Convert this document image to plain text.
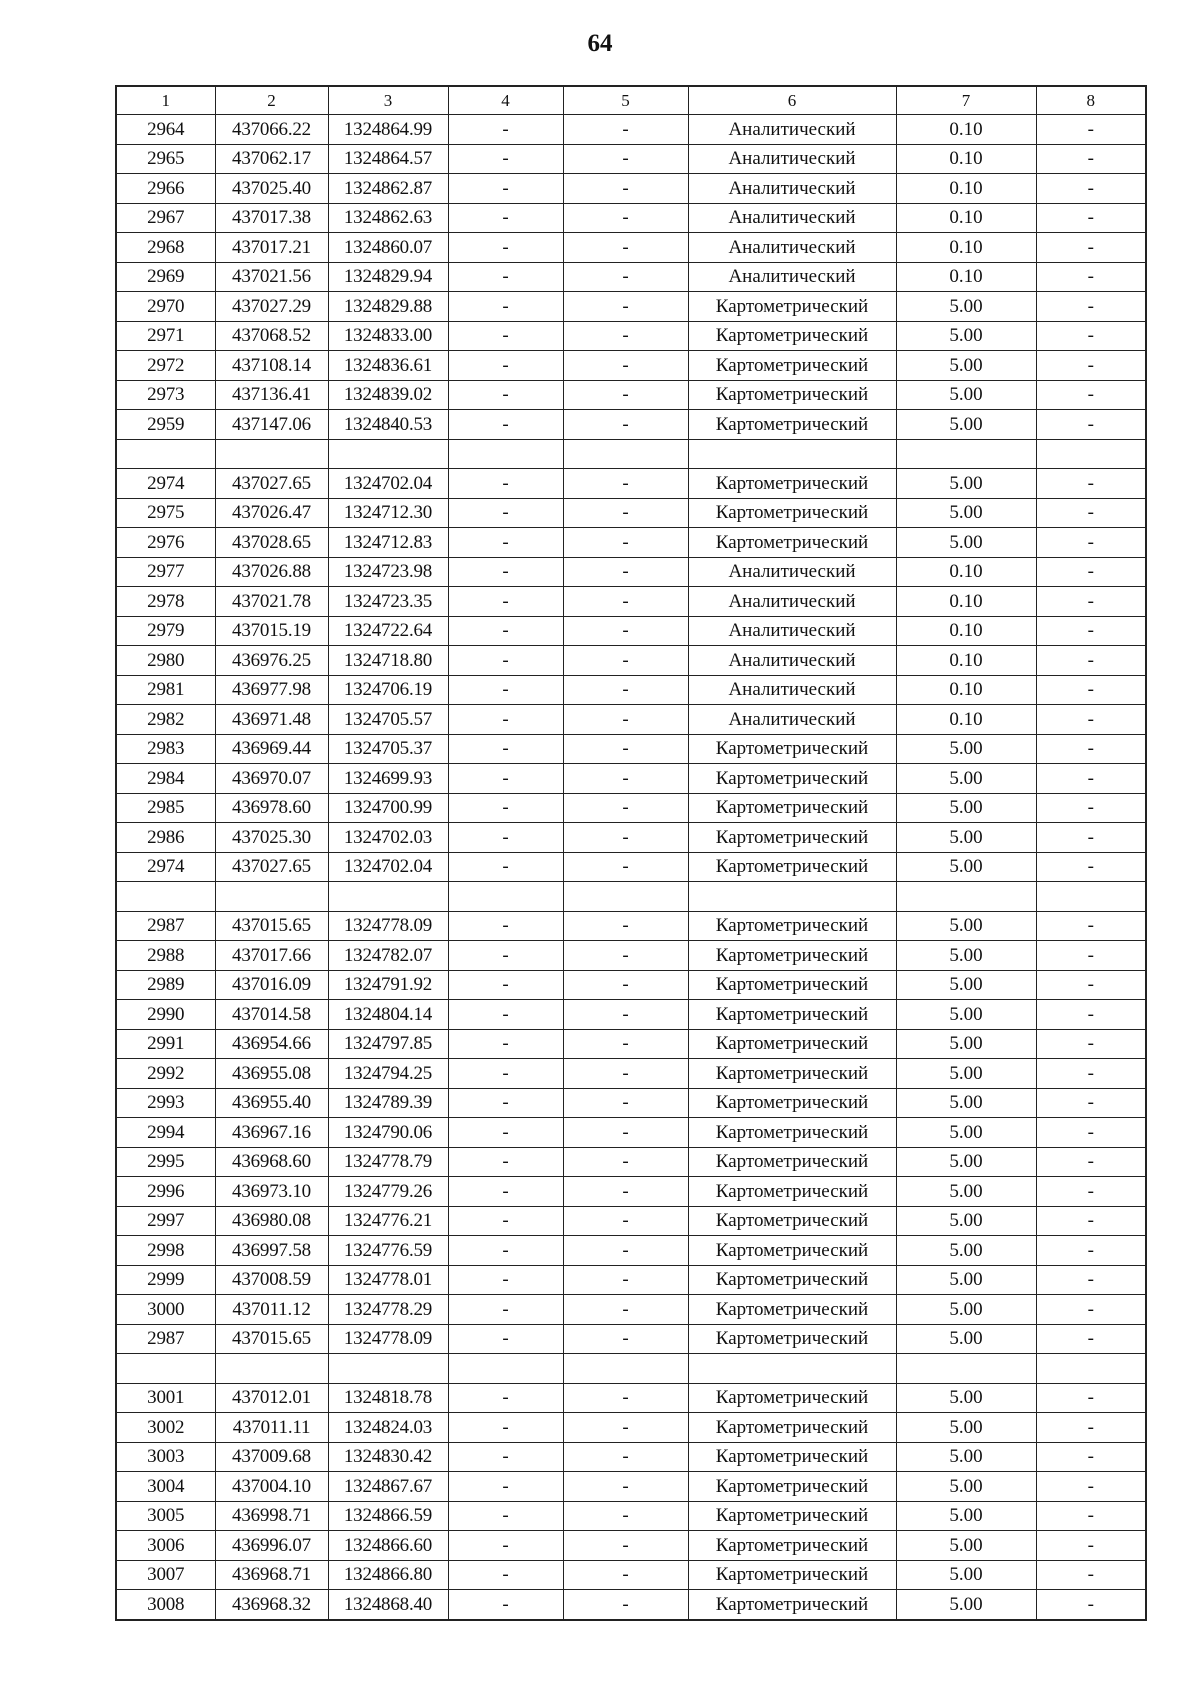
64
1	2	3	4	5	6	7	8
2964	437066.22	1324864.99	-	-	Аналитический	0.10	-
2965	437062.17	1324864.57	-	-	Аналитический	0.10	-
2966	437025.40	1324862.87	-	-	Аналитический	0.10	-
2967	437017.38	1324862.63	-	-	Аналитический	0.10	-
2968	437017.21	1324860.07	-	-	Аналитический	0.10	-
2969	437021.56	1324829.94	-	-	Аналитический	0.10	-
2970	437027.29	1324829.88	-	-	Картометрический	5.00	-
2971	437068.52	1324833.00	-	-	Картометрический	5.00	-
2972	437108.14	1324836.61	-	-	Картометрический	5.00	-
2973	437136.41	1324839.02	-	-	Картометрический	5.00	-
2959	437147.06	1324840.53	-	-	Картометрический	5.00	-

2974	437027.65	1324702.04	-	-	Картометрический	5.00	-
2975	437026.47	1324712.30	-	-	Картометрический	5.00	-
2976	437028.65	1324712.83	-	-	Картометрический	5.00	-
2977	437026.88	1324723.98	-	-	Аналитический	0.10	-
2978	437021.78	1324723.35	-	-	Аналитический	0.10	-
2979	437015.19	1324722.64	-	-	Аналитический	0.10	-
2980	436976.25	1324718.80	-	-	Аналитический	0.10	-
2981	436977.98	1324706.19	-	-	Аналитический	0.10	-
2982	436971.48	1324705.57	-	-	Аналитический	0.10	-
2983	436969.44	1324705.37	-	-	Картометрический	5.00	-
2984	436970.07	1324699.93	-	-	Картометрический	5.00	-
2985	436978.60	1324700.99	-	-	Картометрический	5.00	-
2986	437025.30	1324702.03	-	-	Картометрический	5.00	-
2974	437027.65	1324702.04	-	-	Картометрический	5.00	-

2987	437015.65	1324778.09	-	-	Картометрический	5.00	-
2988	437017.66	1324782.07	-	-	Картометрический	5.00	-
2989	437016.09	1324791.92	-	-	Картометрический	5.00	-
2990	437014.58	1324804.14	-	-	Картометрический	5.00	-
2991	436954.66	1324797.85	-	-	Картометрический	5.00	-
2992	436955.08	1324794.25	-	-	Картометрический	5.00	-
2993	436955.40	1324789.39	-	-	Картометрический	5.00	-
2994	436967.16	1324790.06	-	-	Картометрический	5.00	-
2995	436968.60	1324778.79	-	-	Картометрический	5.00	-
2996	436973.10	1324779.26	-	-	Картометрический	5.00	-
2997	436980.08	1324776.21	-	-	Картометрический	5.00	-
2998	436997.58	1324776.59	-	-	Картометрический	5.00	-
2999	437008.59	1324778.01	-	-	Картометрический	5.00	-
3000	437011.12	1324778.29	-	-	Картометрический	5.00	-
2987	437015.65	1324778.09	-	-	Картометрический	5.00	-

3001	437012.01	1324818.78	-	-	Картометрический	5.00	-
3002	437011.11	1324824.03	-	-	Картометрический	5.00	-
3003	437009.68	1324830.42	-	-	Картометрический	5.00	-
3004	437004.10	1324867.67	-	-	Картометрический	5.00	-
3005	436998.71	1324866.59	-	-	Картометрический	5.00	-
3006	436996.07	1324866.60	-	-	Картометрический	5.00	-
3007	436968.71	1324866.80	-	-	Картометрический	5.00	-
3008	436968.32	1324868.40	-	-	Картометрический	5.00	-
